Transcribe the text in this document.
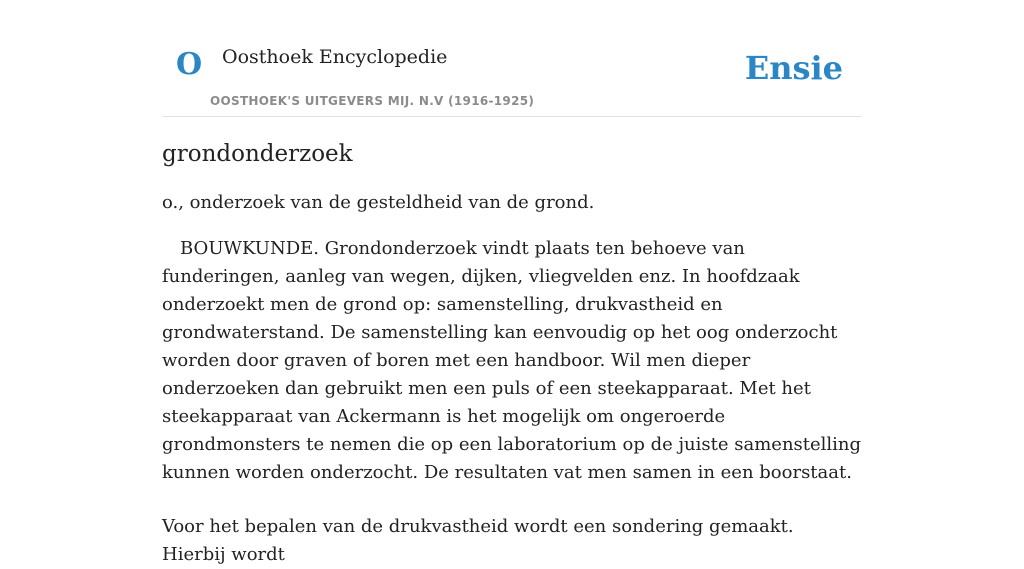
O Oosthoek Encyclopedie
OOSTHOEK'S UITGEVERS MIJ. N.V (1916-1925)
Ensie
grondonderzoek

o., onderzoek van de gesteldheid van de grond.

BOUWKUNDE. Grondonderzoek vindt plaats ten behoeve van funderingen, aanleg van wegen, dijken, vliegvelden enz. In hoofdzaak onderzoekt men de grond op: samenstelling, drukvastheid en grondwaterstand. De samenstelling kan eenvoudig op het oog onderzocht worden door graven of boren met een handboor. Wil men dieper onderzoeken dan gebruikt men een puls of een steekapparaat. Met het steekapparaat van Ackermann is het mogelijk om ongeroerde grondmonsters te nemen die op een laboratorium op de juiste samenstelling kunnen worden onderzocht. De resultaten vat men samen in een boorstaat.

Voor het bepalen van de drukvastheid wordt een sondering gemaakt. Hierbij wordt
